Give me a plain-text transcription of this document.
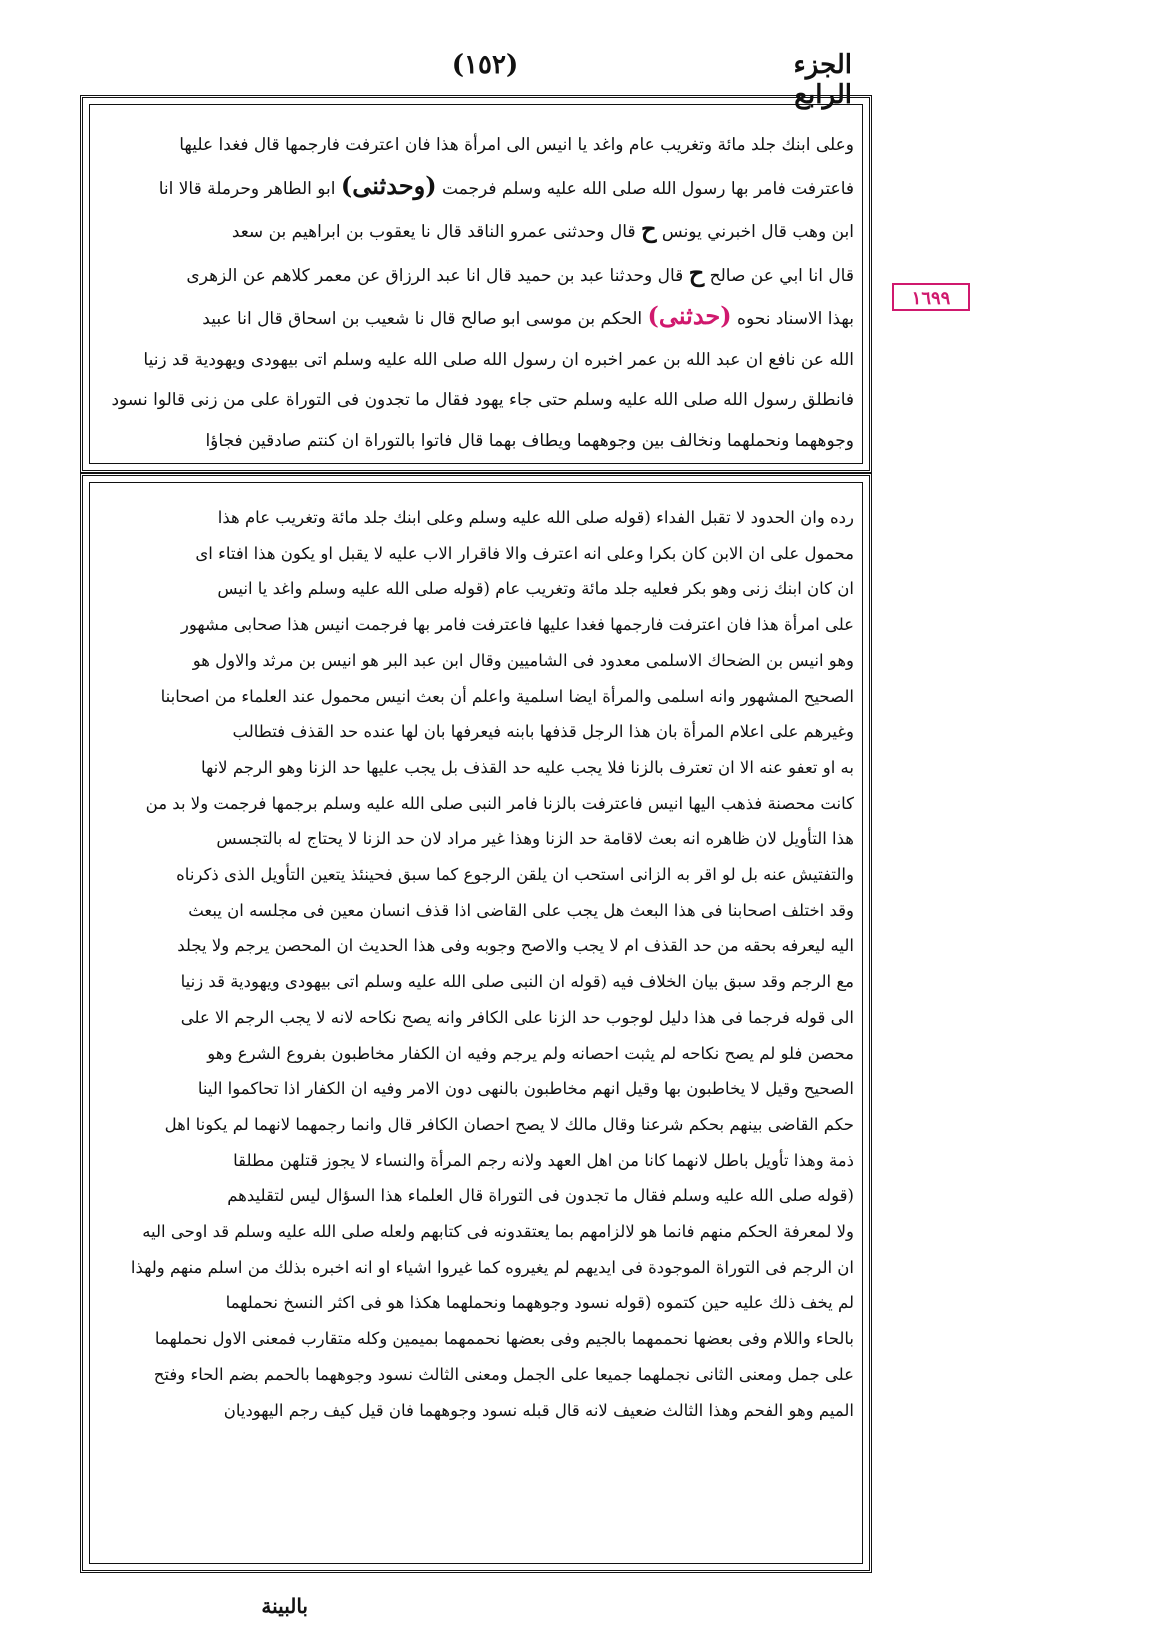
الجزء الرابع
(١٥٢)
١٦٩٩
وعلى ابنك جلد مائة وتغريب عام واغد يا انيس الى امرأة هذا فان اعترفت فارجمها قال فغدا عليها
فاعترفت فامر بها رسول الله صلى الله عليه وسلم فرجمت (وحدثنى) ابو الطاهر وحرملة قالا انا
ابن وهب قال اخبرني يونس ح قال وحدثنى عمرو الناقد قال نا يعقوب بن ابراهيم بن سعد
قال انا ابي عن صالح ح قال وحدثنا عبد بن حميد قال انا عبد الرزاق عن معمر كلاهم عن الزهرى
بهذا الاسناد نحوه (حدثنى) الحكم بن موسى ابو صالح قال نا شعيب بن اسحاق قال انا عبيد
الله عن نافع ان عبد الله بن عمر اخبره ان رسول الله صلى الله عليه وسلم اتى بيهودى ويهودية قد زنيا
فانطلق رسول الله صلى الله عليه وسلم حتى جاء يهود فقال ما تجدون فى التوراة على من زنى قالوا نسود
وجوههما ونحملهما ونخالف بين وجوههما ويطاف بهما قال فاتوا بالتوراة ان كنتم صادقين فجاؤا
رده وان الحدود لا تقبل الفداء (قوله صلى الله عليه وسلم وعلى ابنك جلد مائة وتغريب عام هذا
محمول على ان الابن كان بكرا وعلى انه اعترف والا فاقرار الاب عليه لا يقبل او يكون هذا افتاء اى
ان كان ابنك زنى وهو بكر فعليه جلد مائة وتغريب عام (قوله صلى الله عليه وسلم واغد يا انيس
على امرأة هذا فان اعترفت فارجمها فغدا عليها فاعترفت فامر بها فرجمت انيس هذا صحابى مشهور
وهو انيس بن الضحاك الاسلمى معدود فى الشاميين وقال ابن عبد البر هو انيس بن مرثد والاول هو
الصحيح المشهور وانه اسلمى والمرأة ايضا اسلمية واعلم أن بعث انيس محمول عند العلماء من اصحابنا
وغيرهم على اعلام المرأة بان هذا الرجل قذفها بابنه فيعرفها بان لها عنده حد القذف فتطالب
به او تعفو عنه الا ان تعترف بالزنا فلا يجب عليه حد القذف بل يجب عليها حد الزنا وهو الرجم لانها
كانت محصنة فذهب اليها انيس فاعترفت بالزنا فامر النبى صلى الله عليه وسلم برجمها فرجمت ولا بد من
هذا التأويل لان ظاهره انه بعث لاقامة حد الزنا وهذا غير مراد لان حد الزنا لا يحتاج له بالتجسس
والتفتيش عنه بل لو اقر به الزانى استحب ان يلقن الرجوع كما سبق فحينئذ يتعين التأويل الذى ذكرناه
وقد اختلف اصحابنا فى هذا البعث هل يجب على القاضى اذا قذف انسان معين فى مجلسه ان يبعث
اليه ليعرفه بحقه من حد القذف ام لا يجب والاصح وجوبه وفى هذا الحديث ان المحصن يرجم ولا يجلد
مع الرجم وقد سبق بيان الخلاف فيه (قوله ان النبى صلى الله عليه وسلم اتى بيهودى ويهودية قد زنيا
الى قوله فرجما فى هذا دليل لوجوب حد الزنا على الكافر وانه يصح نكاحه لانه لا يجب الرجم الا على
محصن فلو لم يصح نكاحه لم يثبت احصانه ولم يرجم وفيه ان الكفار مخاطبون بفروع الشرع وهو
الصحيح وقيل لا يخاطبون بها وقيل انهم مخاطبون بالنهى دون الامر وفيه ان الكفار اذا تحاكموا الينا
حكم القاضى بينهم بحكم شرعنا وقال مالك لا يصح احصان الكافر قال وانما رجمهما لانهما لم يكونا اهل
ذمة وهذا تأويل باطل لانهما كانا من اهل العهد ولانه رجم المرأة والنساء لا يجوز قتلهن مطلقا
(قوله صلى الله عليه وسلم فقال ما تجدون فى التوراة قال العلماء هذا السؤال ليس لتقليدهم
ولا لمعرفة الحكم منهم فانما هو لالزامهم بما يعتقدونه فى كتابهم ولعله صلى الله عليه وسلم قد اوحى اليه
ان الرجم فى التوراة الموجودة فى ايديهم لم يغيروه كما غيروا اشياء او انه اخبره بذلك من اسلم منهم ولهذا
لم يخف ذلك عليه حين كتموه (قوله نسود وجوههما ونحملهما هكذا هو فى اكثر النسخ نحملهما
بالحاء واللام وفى بعضها نحممهما بالجيم وفى بعضها نحممهما بميمين وكله متقارب فمعنى الاول نحملهما
على جمل ومعنى الثانى نجملهما جميعا على الجمل ومعنى الثالث نسود وجوههما بالحمم بضم الحاء وفتح
الميم وهو الفحم وهذا الثالث ضعيف لانه قال قبله نسود وجوههما فان قيل كيف رجم اليهوديان
بالبينة
